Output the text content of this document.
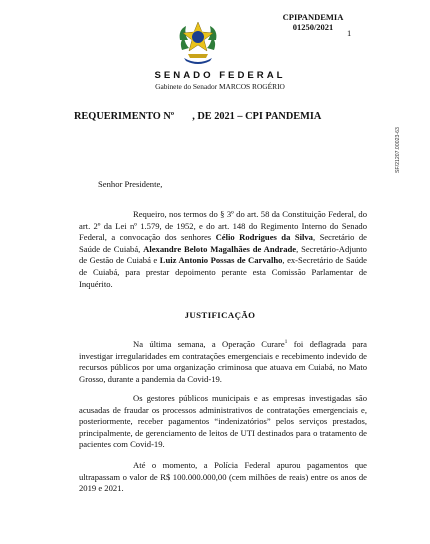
CPIPANDEMIA
01250/2021
1
SENADO FEDERAL
Gabinete do Senador MARCOS ROGÉRIO
REQUERIMENTO Nº       , DE 2021 – CPI PANDEMIA
SF/21207.00023-63
Senhor Presidente,
Requeiro, nos termos do § 3º do art. 58 da Constituição Federal, do art. 2º da Lei nº 1.579, de 1952, e do art. 148 do Regimento Interno do Senado Federal, a convocação dos senhores Célio Rodrigues da Silva, Secretário de Saúde de Cuiabá, Alexandre Beloto Magalhães de Andrade, Secretário-Adjunto de Gestão de Cuiabá e Luiz Antonio Possas de Carvalho, ex-Secretário de Saúde de Cuiabá, para prestar depoimento perante esta Comissão Parlamentar de Inquérito.
JUSTIFICAÇÃO
Na última semana, a Operação Curare$^1$ foi deflagrada para investigar irregularidades em contratações emergenciais e recebimento indevido de recursos públicos por uma organização criminosa que atuava em Cuiabá, no Mato Grosso, durante a pandemia da Covid-19.
Os gestores públicos municipais e as empresas investigadas são acusadas de fraudar os processos administrativos de contratações emergenciais e, posteriormente, receber pagamentos “indenizatórios” pelos serviços prestados, principalmente, de gerenciamento de leitos de UTI destinados para o tratamento de pacientes com Covid-19.
Até o momento, a Polícia Federal apurou pagamentos que ultrapassam o valor de R$ 100.000.000,00 (cem milhões de reais) entre os anos de 2019 e 2021.
